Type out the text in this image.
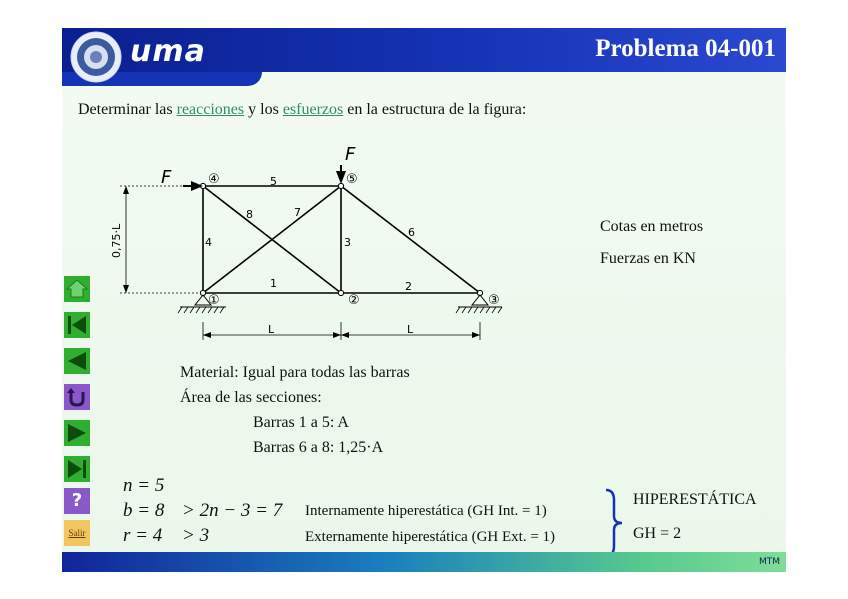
uma	Problema 04-001
Determinar las reacciones y los esfuerzos en la estructura de la figura:
F
F
④	⑤
①	②	③
1	2
3
4
5
6
7
8
0,75·L
L	L
Cotas en metros
Fuerzas en KN
Material: Igual para todas las barras
Área de las secciones:
Barras 1 a 5: A
Barras 6 a 8: 1,25·A
n = 5
b = 8 > 2n − 3 = 7
r = 4 > 3
Internamente hiperestática (GH Int. = 1)
Externamente hiperestática (GH Ext. = 1)
HIPERESTÁTICA
GH = 2
?
Salir
MTM
